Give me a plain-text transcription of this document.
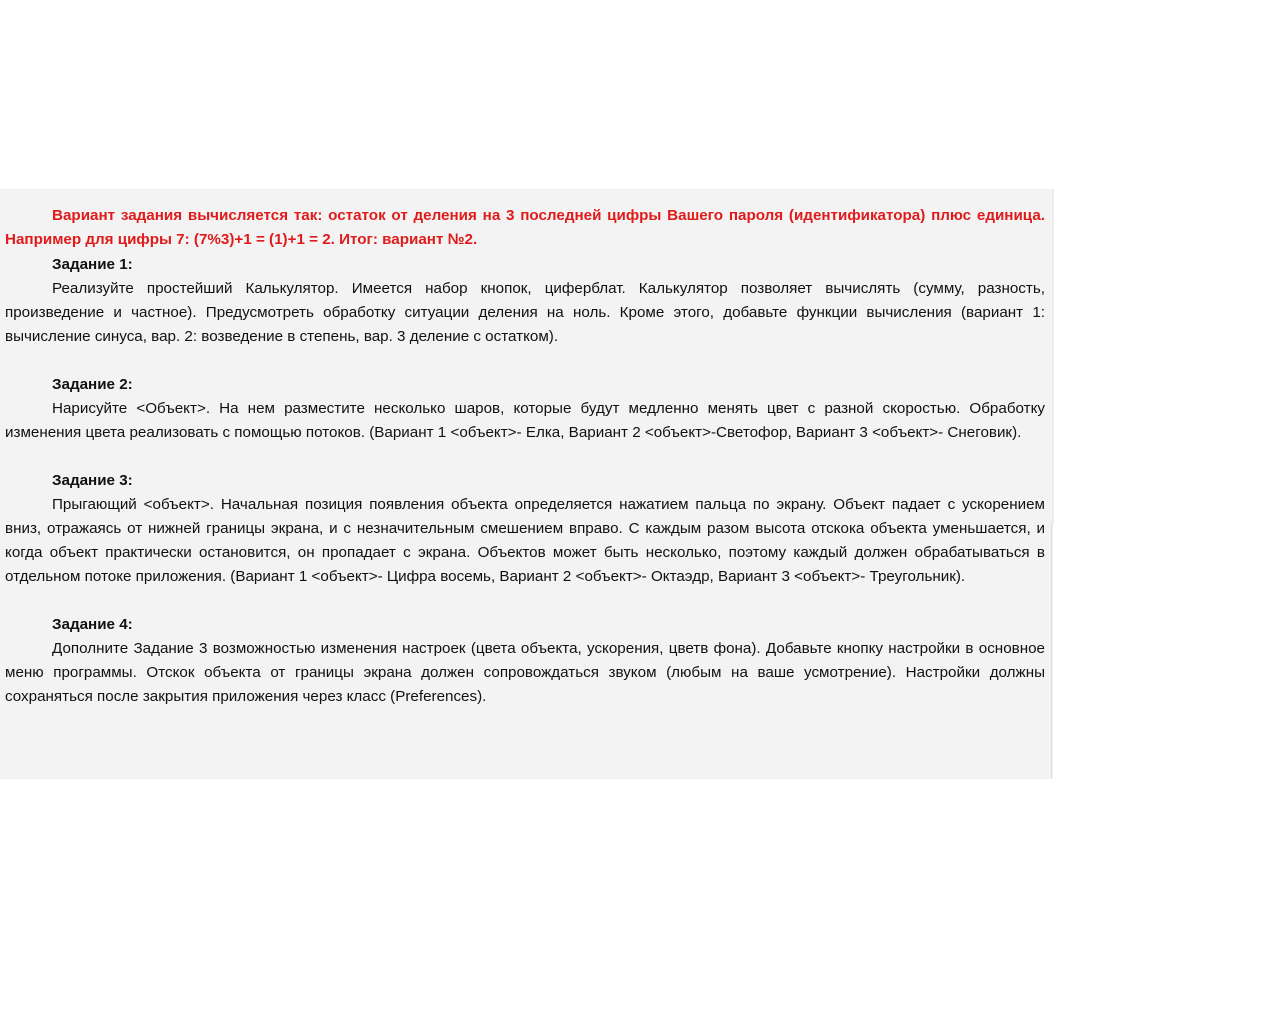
Вариант задания вычисляется так: остаток от деления на 3 последней цифры Вашего пароля (идентификатора) плюс единица. Например для цифры 7: (7%3)+1 = (1)+1 = 2. Итог: вариант №2.

Задание 1:

Реализуйте простейший Калькулятор. Имеется набор кнопок, циферблат. Калькулятор позволяет вычислять (сумму, разность, произведение и частное). Предусмотреть обработку ситуации деления на ноль. Кроме этого, добавьте функции вычисления (вариант 1: вычисление синуса, вар. 2: возведение в степень, вар. 3 деление с остатком).

Задание 2:

Нарисуйте <Объект>. На нем разместите несколько шаров, которые будут медленно менять цвет с разной скоростью. Обработку изменения цвета реализовать с помощью потоков. (Вариант 1 <объект>- Елка, Вариант 2 <объект>-Светофор, Вариант 3 <объект>- Снеговик).

Задание 3:

Прыгающий <объект>. Начальная позиция появления объекта определяется нажатием пальца по экрану. Объект падает с ускорением вниз, отражаясь от нижней границы экрана, и с незначительным смешением вправо. С каждым разом высота отскока объекта уменьшается, и когда объект практически остановится, он пропадает с экрана. Объектов может быть несколько, поэтому каждый должен обрабатываться в отдельном потоке приложения. (Вариант 1 <объект>- Цифра восемь, Вариант 2 <объект>- Октаэдр, Вариант 3 <объект>- Треугольник).

Задание 4:

Дополните Задание 3 возможностью изменения настроек (цвета объекта, ускорения, цветв фона). Добавьте кнопку настройки в основное меню программы. Отскок объекта от границы экрана должен сопровождаться звуком (любым на ваше усмотрение). Настройки должны сохраняться после закрытия приложения через класс (Preferences).
